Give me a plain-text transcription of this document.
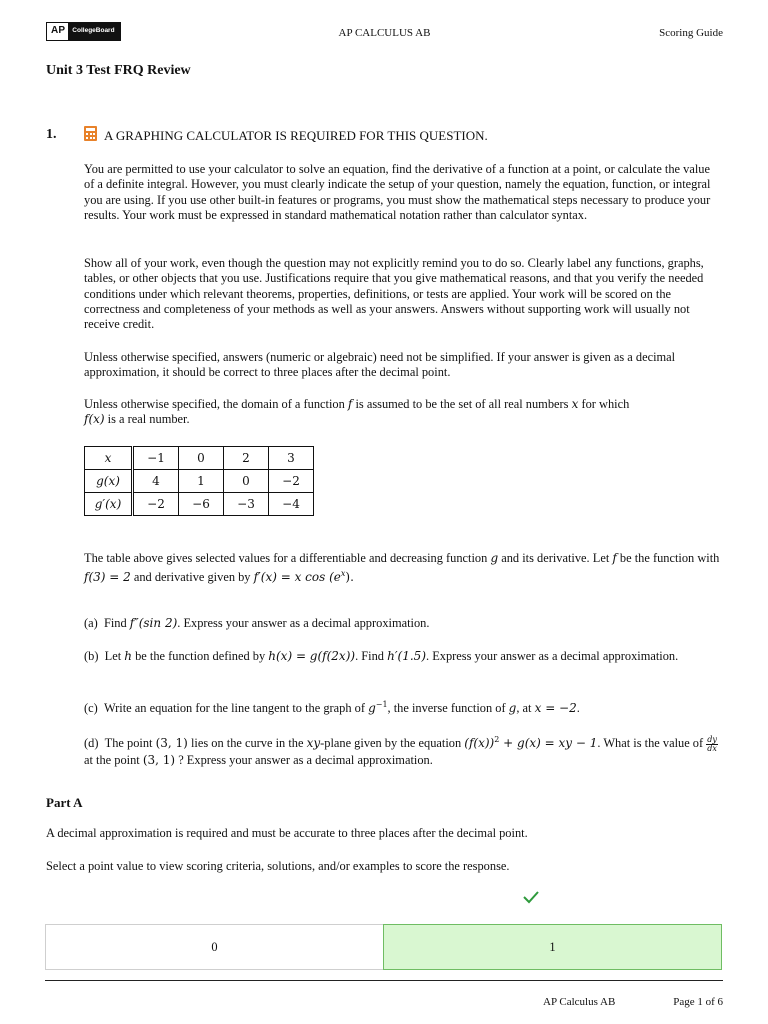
AP	CollegeBoard	AP CALCULUS AB	Scoring Guide
Unit 3 Test FRQ Review
1.	A GRAPHING CALCULATOR IS REQUIRED FOR THIS QUESTION.

You are permitted to use your calculator to solve an equation, find the derivative of a function at a point, or calculate the value of a definite integral. However, you must clearly indicate the setup of your question, namely the equation, function, or integral you are using. If you use other built-in features or programs, you must show the mathematical steps necessary to produce your results. Your work must be expressed in standard mathematical notation rather than calculator syntax.

Show all of your work, even though the question may not explicitly remind you to do so. Clearly label any functions, graphs, tables, or other objects that you use. Justifications require that you give mathematical reasons, and that you verify the needed conditions under which relevant theorems, properties, definitions, or tests are applied. Your work will be scored on the correctness and completeness of your methods as well as your answers. Answers without supporting work will usually not receive credit.

Unless otherwise specified, answers (numeric or algebraic) need not be simplified. If your answer is given as a decimal approximation, it should be correct to three places after the decimal point.

Unless otherwise specified, the domain of a function f is assumed to be the set of all real numbers x for which
f(x) is a real number.

x	−1	0	2	3
g(x)	4	1	0	−2
g′(x)	−2	−6	−3	−4

The table above gives selected values for a differentiable and decreasing function g and its derivative. Let f be the function with f(3) = 2 and derivative given by f′(x) = x $\cos (e^x)$.

(a) Find f″(sin 2). Express your answer as a decimal approximation.

(b) Let h be the function defined by h(x) = g(f(2x)). Find h′(1.5). Express your answer as a decimal approximation.

(c) Write an equation for the line tangent to the graph of $g^{-1}$, the inverse function of g, at x = −2.

(d) The point (3, 1) lies on the curve in the xy-plane given by the equation $(f(x))^2 + g(x)$ = xy − 1. What is the value of $\frac{dy}{dx}$
at the point (3, 1) ? Express your answer as a decimal approximation.

Part A
A decimal approximation is required and must be accurate to three places after the decimal point.
Select a point value to view scoring criteria, solutions, and/or examples to score the response.
0	1
AP Calculus AB	Page 1 of 6
